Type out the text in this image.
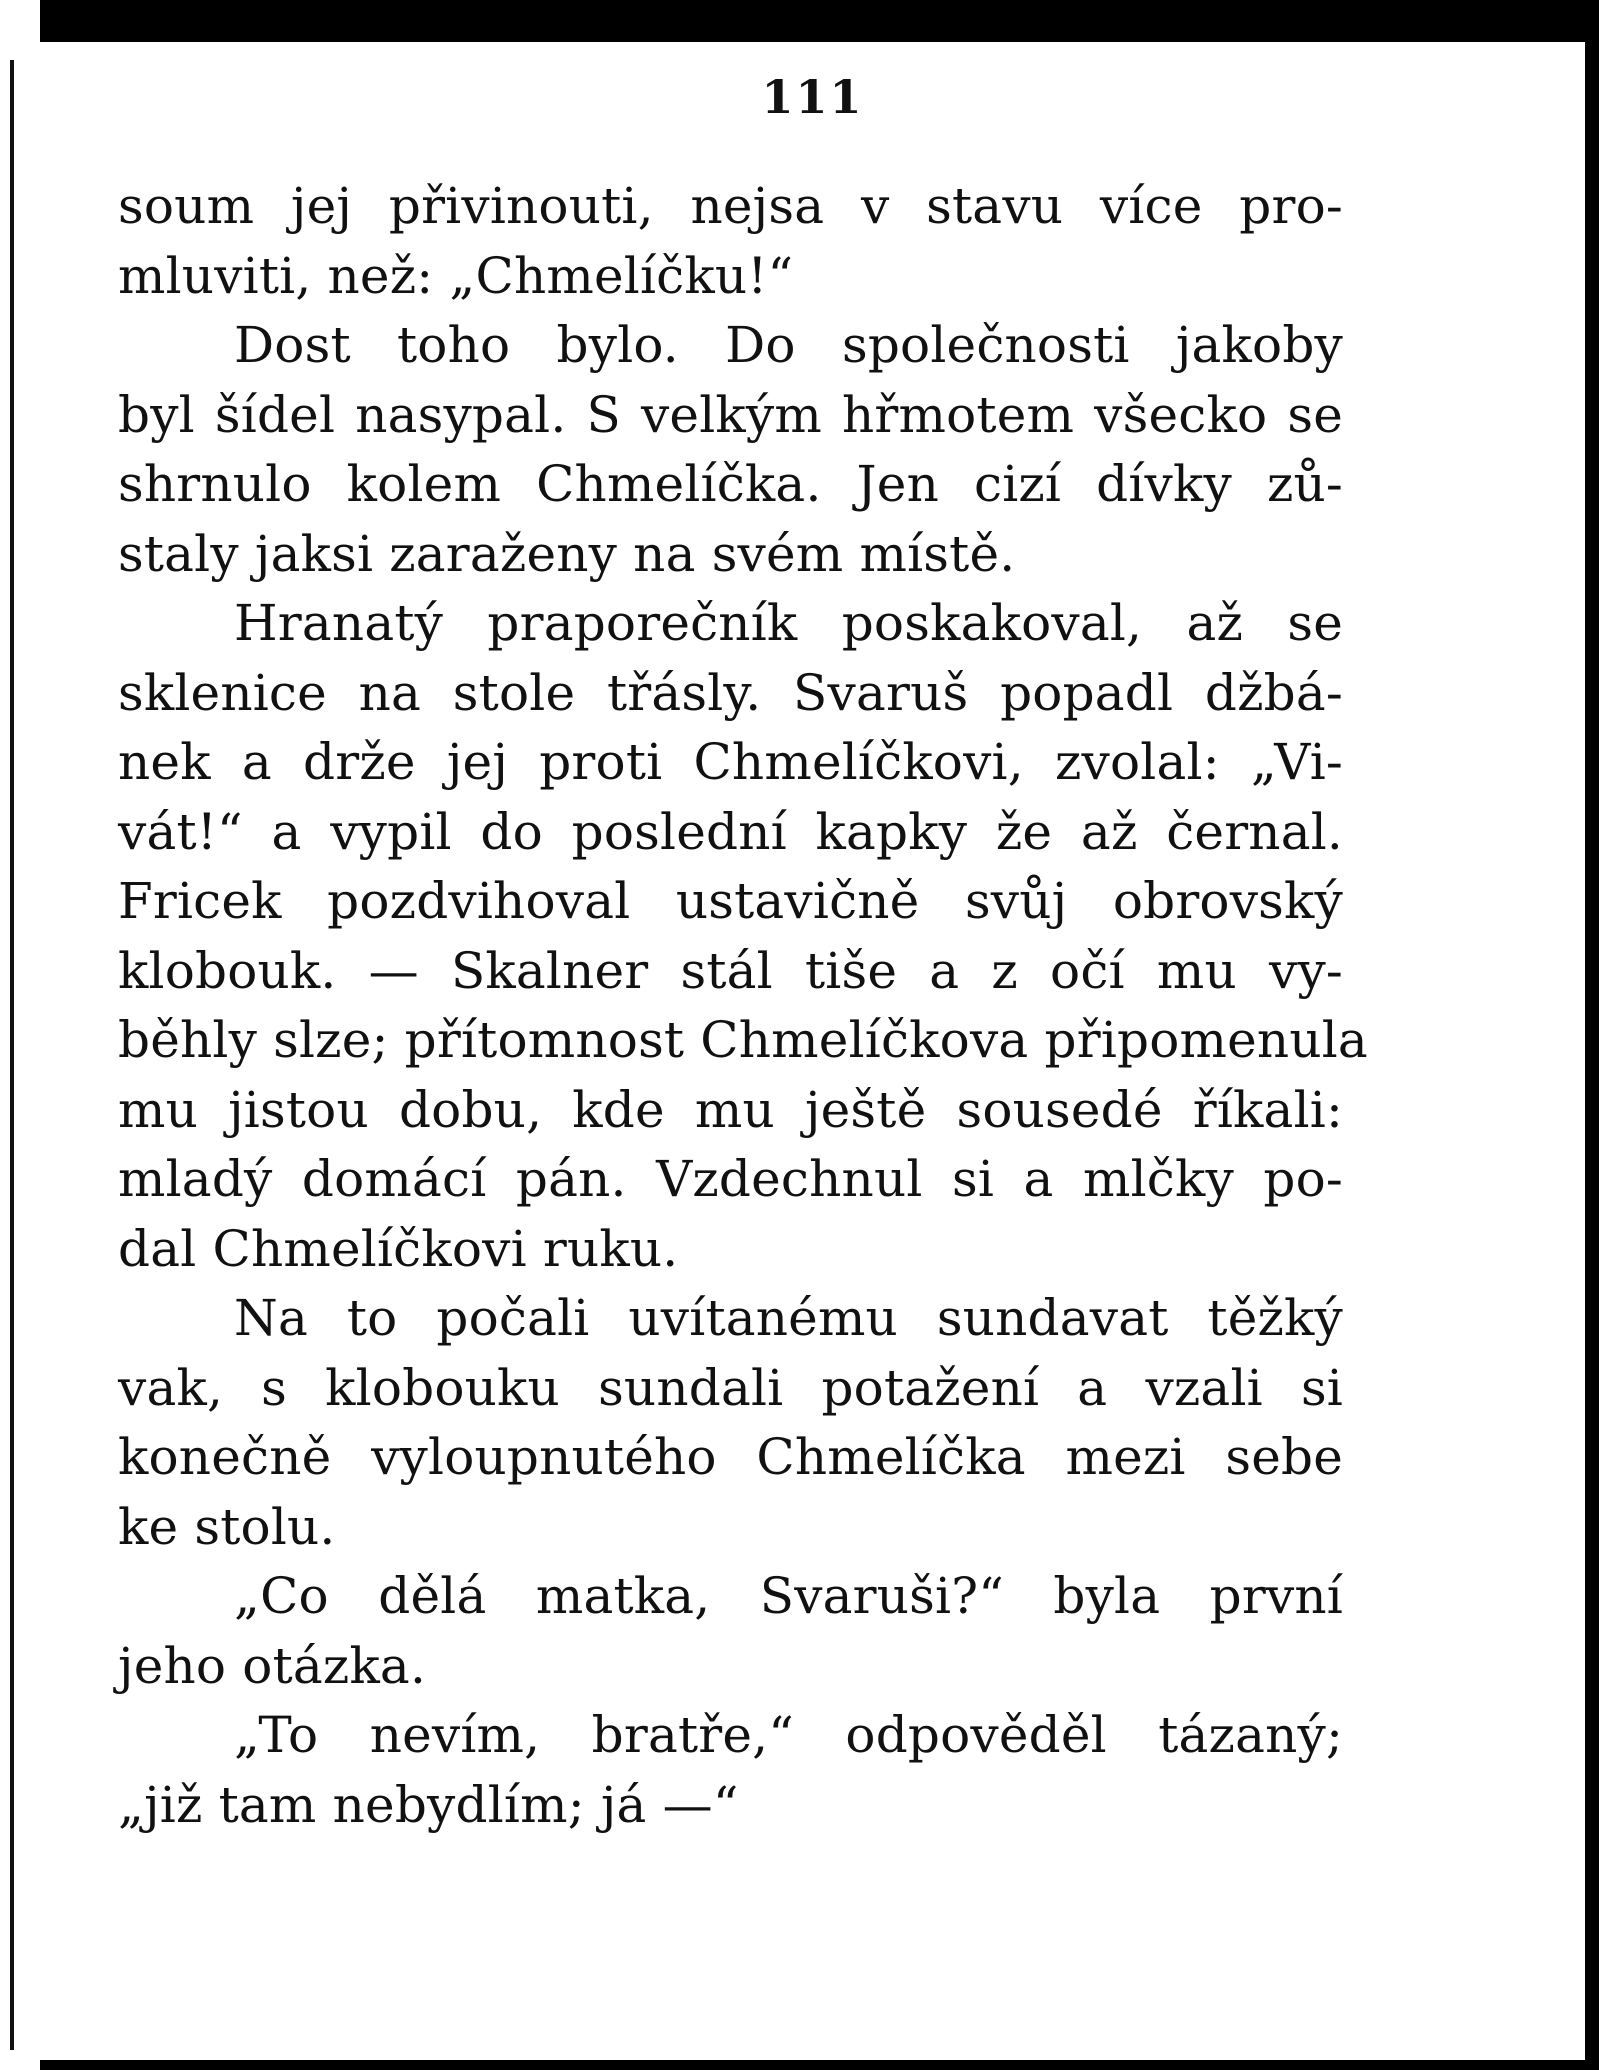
111
soum jej přivinouti, nejsa v stavu více pro-
mluviti, než: „Chmelíčku!“
Dost toho bylo. Do společnosti jakoby
byl šídel nasypal. S velkým hřmotem všecko se
shrnulo kolem Chmelíčka. Jen cizí dívky zů-
staly jaksi zaraženy na svém místě.
Hranatý praporečník poskakoval, až se
sklenice na stole třásly. Svaruš popadl džbá-
nek a drže jej proti Chmelíčkovi, zvolal: „Vi-
vát!“ a vypil do poslední kapky že až černal.
Fricek pozdvihoval ustavičně svůj obrovský
klobouk. — Skalner stál tiše a z očí mu vy-
běhly slze; přítomnost Chmelíčkova připomenula
mu jistou dobu, kde mu ještě sousedé říkali:
mladý domácí pán. Vzdechnul si a mlčky po-
dal Chmelíčkovi ruku.
Na to počali uvítanému sundavat těžký
vak, s klobouku sundali potažení a vzali si
konečně vyloupnutého Chmelíčka mezi sebe
ke stolu.
„Co dělá matka, Svaruši?“ byla první
jeho otázka.
„To nevím, bratře,“ odpověděl tázaný;
„již tam nebydlím; já —“
